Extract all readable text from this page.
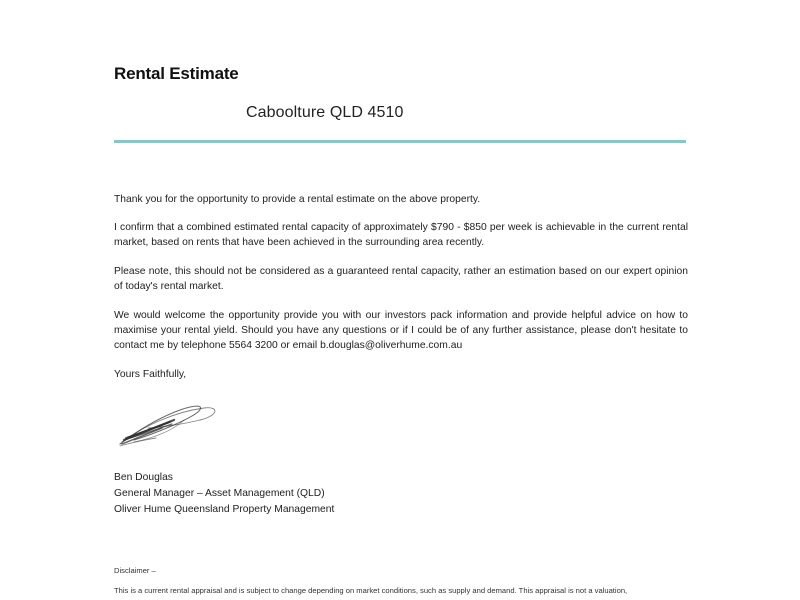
Rental Estimate
Caboolture QLD 4510

Thank you for the opportunity to provide a rental estimate on the above property.

I confirm that a combined estimated rental capacity of approximately $790 - $850 per week is achievable in the current rental market, based on rents that have been achieved in the surrounding area recently.

Please note, this should not be considered as a guaranteed rental capacity, rather an estimation based on our expert opinion of today's rental market.

We would welcome the opportunity provide you with our investors pack information and provide helpful advice on how to maximise your rental yield. Should you have any questions or if I could be of any further assistance, please don't hesitate to contact me by telephone 5564 3200 or email b.douglas@oliverhume.com.au

Yours Faithfully,

Ben Douglas
General Manager – Asset Management (QLD)
Oliver Hume Queensland Property Management
Disclaimer –
This is a current rental appraisal and is subject to change depending on market conditions, such as supply and demand. This appraisal is not a valuation,
